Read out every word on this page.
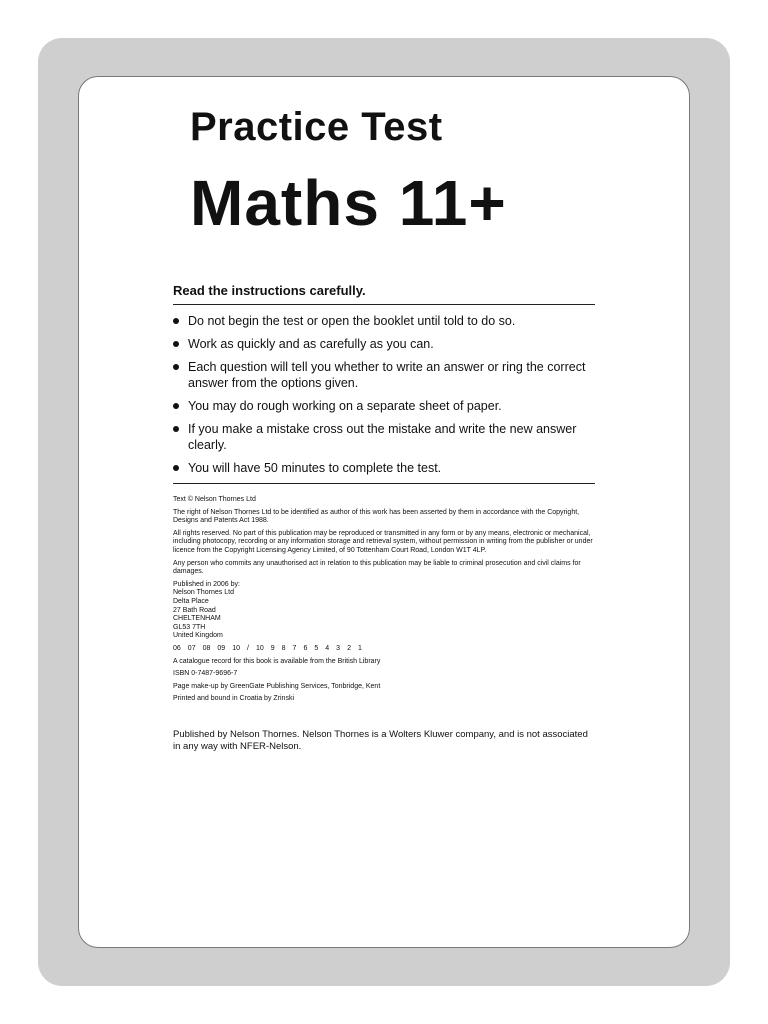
Practice Test
Maths 11+
Read the instructions carefully.
Do not begin the test or open the booklet until told to do so.
Work as quickly and as carefully as you can.
Each question will tell you whether to write an answer or ring the correct answer from the options given.
You may do rough working on a separate sheet of paper.
If you make a mistake cross out the mistake and write the new answer clearly.
You will have 50 minutes to complete the test.

Text © Nelson Thornes Ltd

The right of Nelson Thornes Ltd to be identified as author of this work has been asserted by them in accordance with the Copyright, Designs and Patents Act 1988.

All rights reserved. No part of this publication may be reproduced or transmitted in any form or by any means, electronic or mechanical, including photocopy, recording or any information storage and retrieval system, without permission in writing from the publisher or under licence from the Copyright Licensing Agency Limited, of 90 Tottenham Court Road, London W1T 4LP.

Any person who commits any unauthorised act in relation to this publication may be liable to criminal prosecution and civil claims for damages.

Published in 2006 by:
Nelson Thornes Ltd
Delta Place
27 Bath Road
CHELTENHAM
GL53 7TH
United Kingdom

06 07 08 09 10 / 10 9 8 7 6 5 4 3 2 1

A catalogue record for this book is available from the British Library

ISBN 0-7487-9696-7

Page make-up by GreenGate Publishing Services, Tonbridge, Kent

Printed and bound in Croatia by Zrinski

Published by Nelson Thornes. Nelson Thornes is a Wolters Kluwer company, and is not associated in any way with NFER-Nelson.
